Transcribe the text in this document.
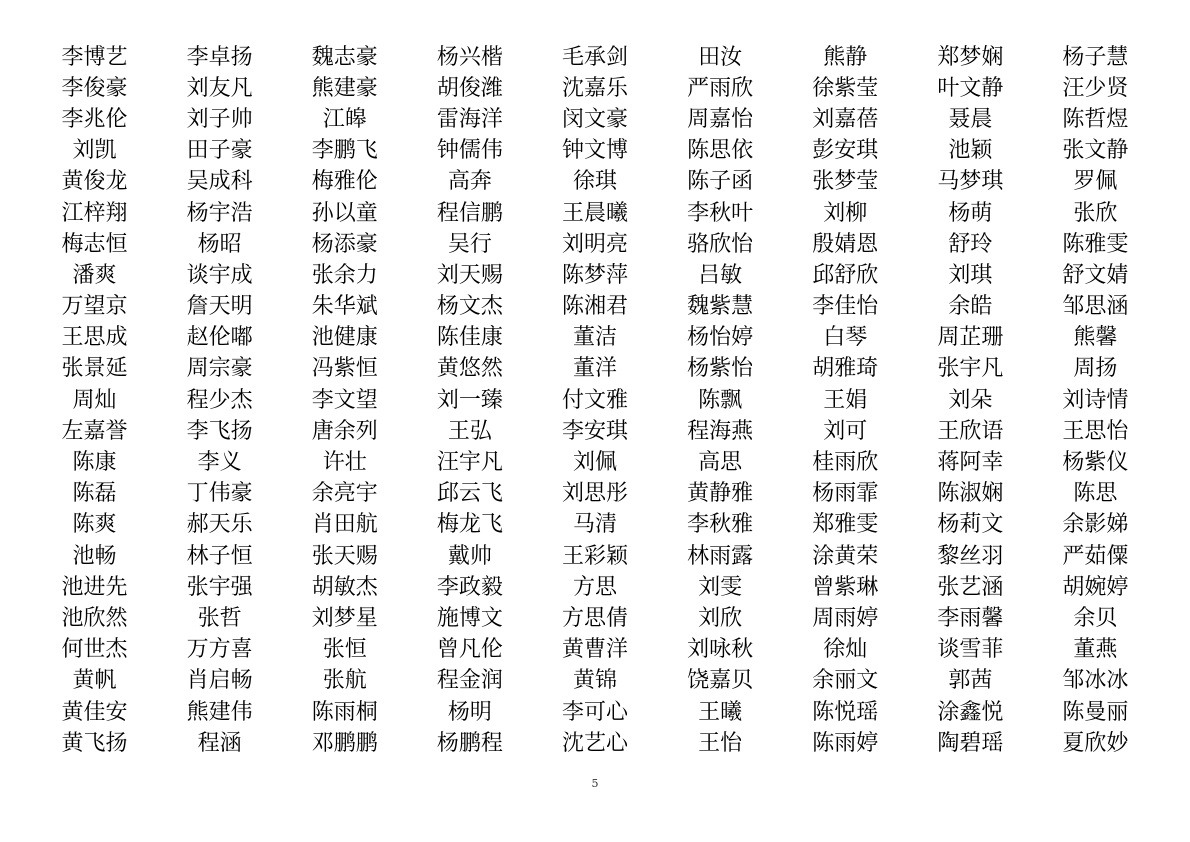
李博艺	李卓扬	魏志豪	杨兴楷	毛承剑	田汝	熊静	郑梦娴	杨子慧
李俊豪	刘友凡	熊建豪	胡俊潍	沈嘉乐	严雨欣	徐紫莹	叶文静	汪少贤
李兆伦	刘子帅	江皞	雷海洋	闵文豪	周嘉怡	刘嘉蓓	聂晨	陈哲煜
刘凯	田子豪	李鹏飞	钟儒伟	钟文博	陈思依	彭安琪	池颖	张文静
黄俊龙	吴成科	梅雅伦	高奔	徐琪	陈子函	张梦莹	马梦琪	罗佩
江梓翔	杨宇浩	孙以童	程信鹏	王晨曦	李秋叶	刘柳	杨萌	张欣
梅志恒	杨昭	杨添豪	吴行	刘明亮	骆欣怡	殷婧恩	舒玲	陈雅雯
潘爽	谈宇成	张余力	刘天赐	陈梦萍	吕敏	邱舒欣	刘琪	舒文婧
万望京	詹天明	朱华斌	杨文杰	陈湘君	魏紫慧	李佳怡	余皓	邹思涵
王思成	赵伦嘟	池健康	陈佳康	董洁	杨怡婷	白琴	周芷珊	熊馨
张景延	周宗豪	冯紫恒	黄悠然	董洋	杨紫怡	胡雅琦	张宇凡	周扬
周灿	程少杰	李文望	刘一臻	付文雅	陈飘	王娟	刘朵	刘诗情
左嘉誉	李飞扬	唐余列	王弘	李安琪	程海燕	刘可	王欣语	王思怡
陈康	李义	许壮	汪宇凡	刘佩	高思	桂雨欣	蒋阿幸	杨紫仪
陈磊	丁伟豪	余亮宇	邱云飞	刘思彤	黄静雅	杨雨霏	陈淑娴	陈思
陈爽	郝天乐	肖田航	梅龙飞	马清	李秋雅	郑雅雯	杨莉文	余影娣
池畅	林子恒	张天赐	戴帅	王彩颖	林雨露	涂黄荣	黎丝羽	严茹僳
池进先	张宇强	胡敏杰	李政毅	方思	刘雯	曾紫琳	张艺涵	胡婉婷
池欣然	张哲	刘梦星	施博文	方思倩	刘欣	周雨婷	李雨馨	余贝
何世杰	万方喜	张恒	曾凡伦	黄曹洋	刘咏秋	徐灿	谈雪菲	董燕
黄帆	肖启畅	张航	程金润	黄锦	饶嘉贝	余丽文	郭茜	邹冰冰
黄佳安	熊建伟	陈雨桐	杨明	李可心	王曦	陈悦瑶	涂鑫悦	陈曼丽
黄飞扬	程涵	邓鹏鹏	杨鹏程	沈艺心	王怡	陈雨婷	陶碧瑶	夏欣妙
5
